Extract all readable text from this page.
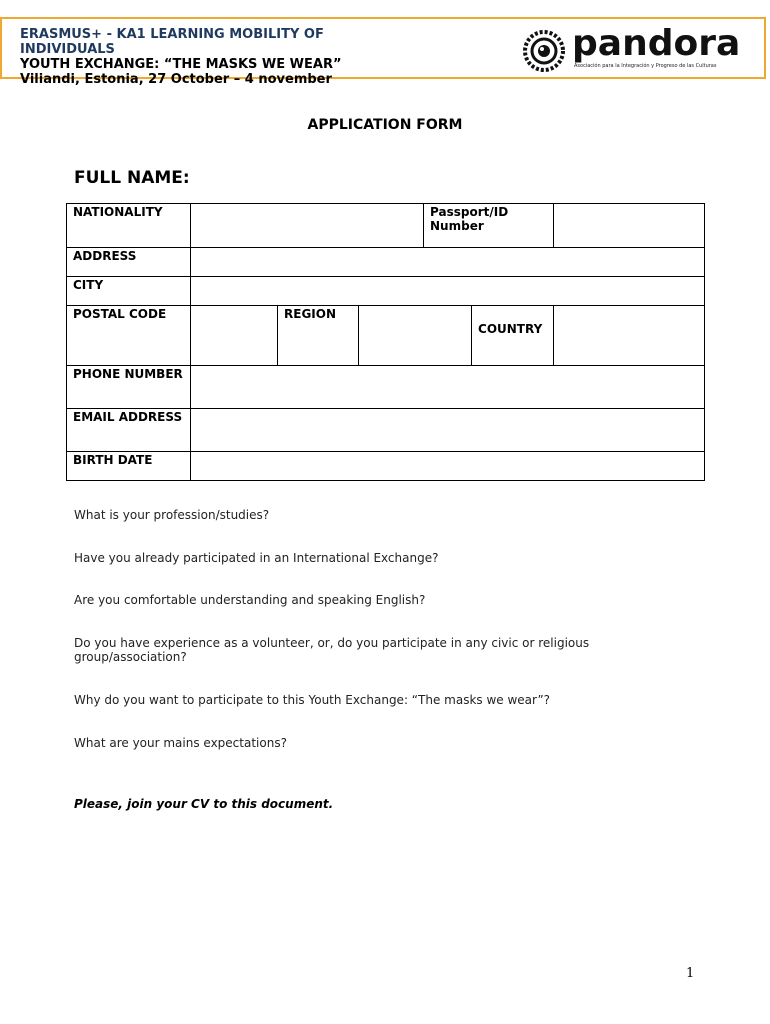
ERASMUS+ - KA1 LEARNING MOBILITY OF INDIVIDUALS
YOUTH EXCHANGE: “THE MASKS WE WEAR”
Viliandi, Estonia, 27 October – 4 november
pandora
Asociación para la Integración y Progreso de las Culturas
APPLICATION FORM
FULL NAME:
NATIONALITY				Passport/ID Number		
ADDRESS						
CITY						
POSTAL CODE		REGION			COUNTRY	
PHONE NUMBER						
EMAIL ADDRESS						
BIRTH DATE						
What is your profession/studies?
Have you already participated in an International Exchange?
Are you comfortable understanding and speaking English?
Do you have experience as a volunteer, or, do you participate in any civic or religious group/association?
Why do you want to participate to this Youth Exchange: “The masks we wear”?
What are your mains expectations?
Please, join your CV to this document.
1
